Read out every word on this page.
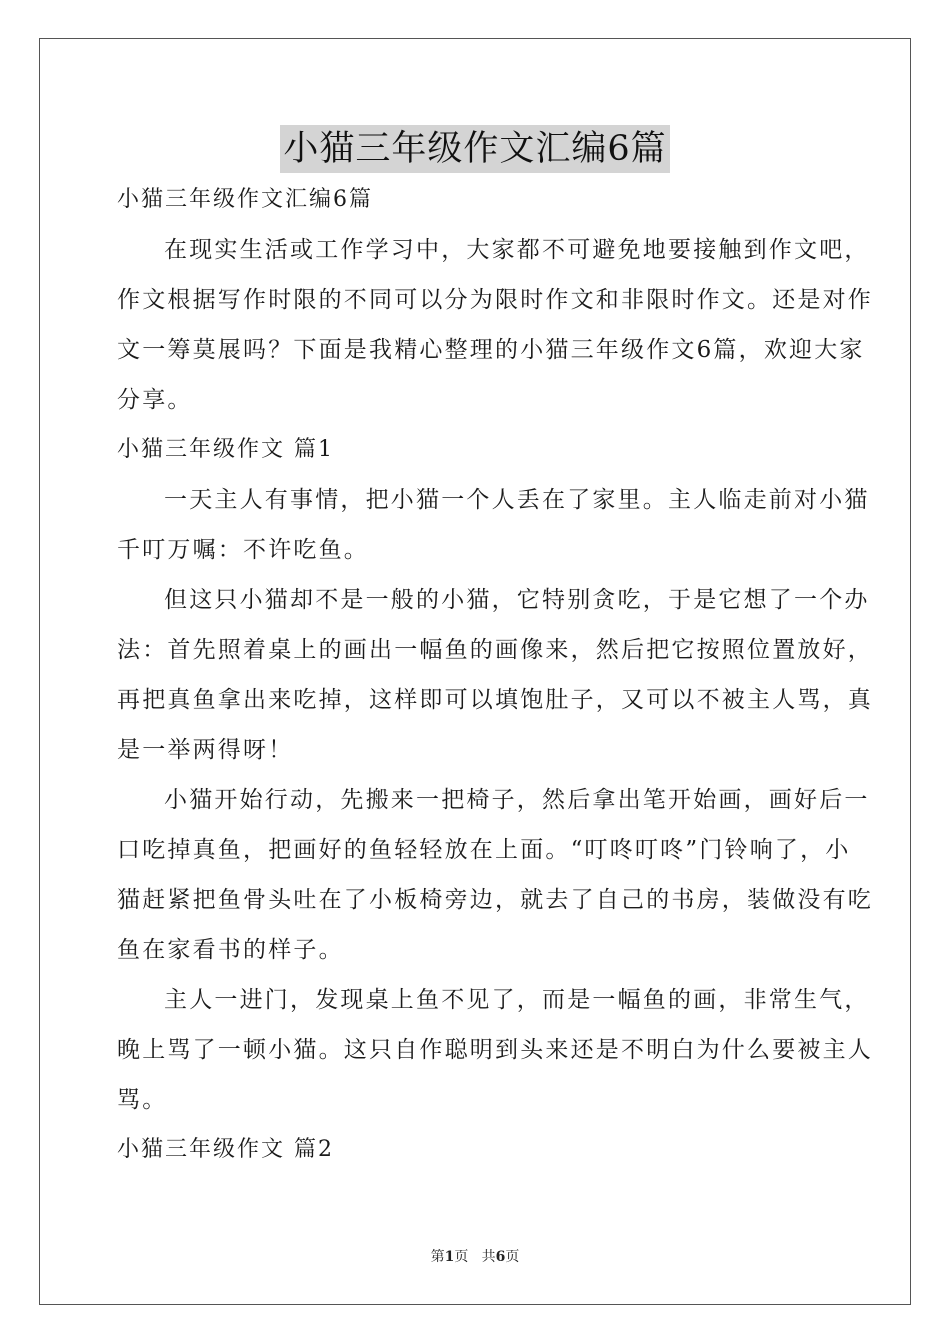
小猫三年级作文汇编6篇

小猫三年级作文汇编6篇

在现实生活或工作学习中，大家都不可避免地要接触到作文吧，
作文根据写作时限的不同可以分为限时作文和非限时作文。还是对作
文一筹莫展吗？下面是我精心整理的小猫三年级作文6篇，欢迎大家
分享。

小猫三年级作文 篇1

一天主人有事情，把小猫一个人丢在了家里。主人临走前对小猫
千叮万嘱：不许吃鱼。
但这只小猫却不是一般的小猫，它特别贪吃，于是它想了一个办
法：首先照着桌上的画出一幅鱼的画像来，然后把它按照位置放好，
再把真鱼拿出来吃掉，这样即可以填饱肚子，又可以不被主人骂，真
是一举两得呀！
小猫开始行动，先搬来一把椅子，然后拿出笔开始画，画好后一
口吃掉真鱼，把画好的鱼轻轻放在上面。“叮咚叮咚”门铃响了，小
猫赶紧把鱼骨头吐在了小板椅旁边，就去了自己的书房，装做没有吃
鱼在家看书的样子。
主人一进门，发现桌上鱼不见了，而是一幅鱼的画，非常生气，
晚上骂了一顿小猫。这只自作聪明到头来还是不明白为什么要被主人
骂。

小猫三年级作文 篇2

第1页 共6页
